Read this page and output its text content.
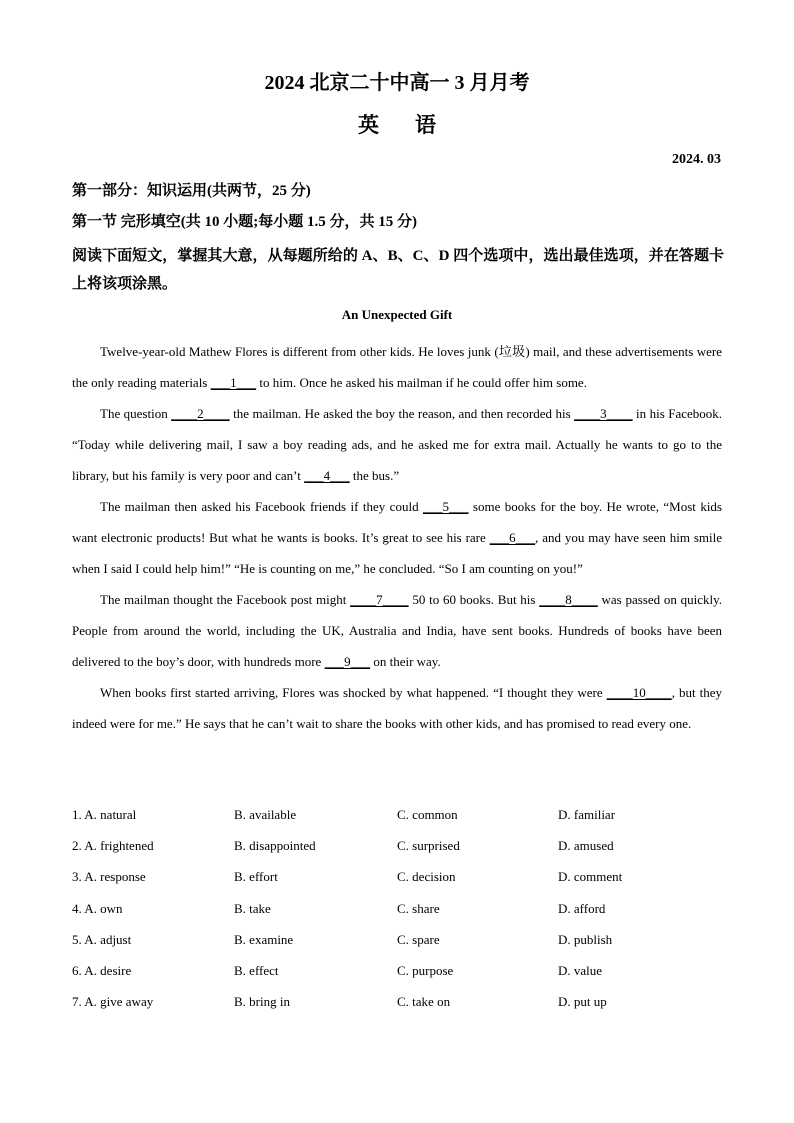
2024 北京二十中高一 3 月月考
英语
2024. 03
第一部分：知识运用(共两节，25 分)
第一节 完形填空(共 10 小题;每小题 1.5 分，共 15 分)
阅读下面短文，掌握其大意，从每题所给的 A、B、C、D 四个选项中，选出最佳选项，并在答题卡上将该项涂黑。
An Unexpected Gift

Twelve-year-old Mathew Flores is different from other kids. He loves junk (垃圾) mail, and these advertisements were the only reading materials ___1___ to him. Once he asked his mailman if he could offer him some.

The question ____2____ the mailman. He asked the boy the reason, and then recorded his ____3____ in his Facebook. “Today while delivering mail, I saw a boy reading ads, and he asked me for extra mail. Actually he wants to go to the library, but his family is very poor and can’t ___4___ the bus.”

The mailman then asked his Facebook friends if they could ___5___ some books for the boy. He wrote, “Most kids want electronic products! But what he wants is books. It’s great to see his rare ___6___, and you may have seen him smile when I said I could help him!” “He is counting on me,” he concluded. “So I am counting on you!”

The mailman thought the Facebook post might ____7____ 50 to 60 books. But his ____8____ was passed on quickly. People from around the world, including the UK, Australia and India, have sent books. Hundreds of books have been delivered to the boy’s door, with hundreds more ___9___ on their way.

When books first started arriving, Flores was shocked by what happened. “I thought they were ____10____, but they indeed were for me.” He says that he can’t wait to share the books with other kids, and has promised to read every one.

1. A. natural	B. available	C. common	D. familiar
2. A. frightened	B. disappointed	C. surprised	D. amused
3. A. response	B. effort	C. decision	D. comment
4. A. own	B. take	C. share	D. afford
5. A. adjust	B. examine	C. spare	D. publish
6. A. desire	B. effect	C. purpose	D. value
7. A. give away	B. bring in	C. take on	D. put up
